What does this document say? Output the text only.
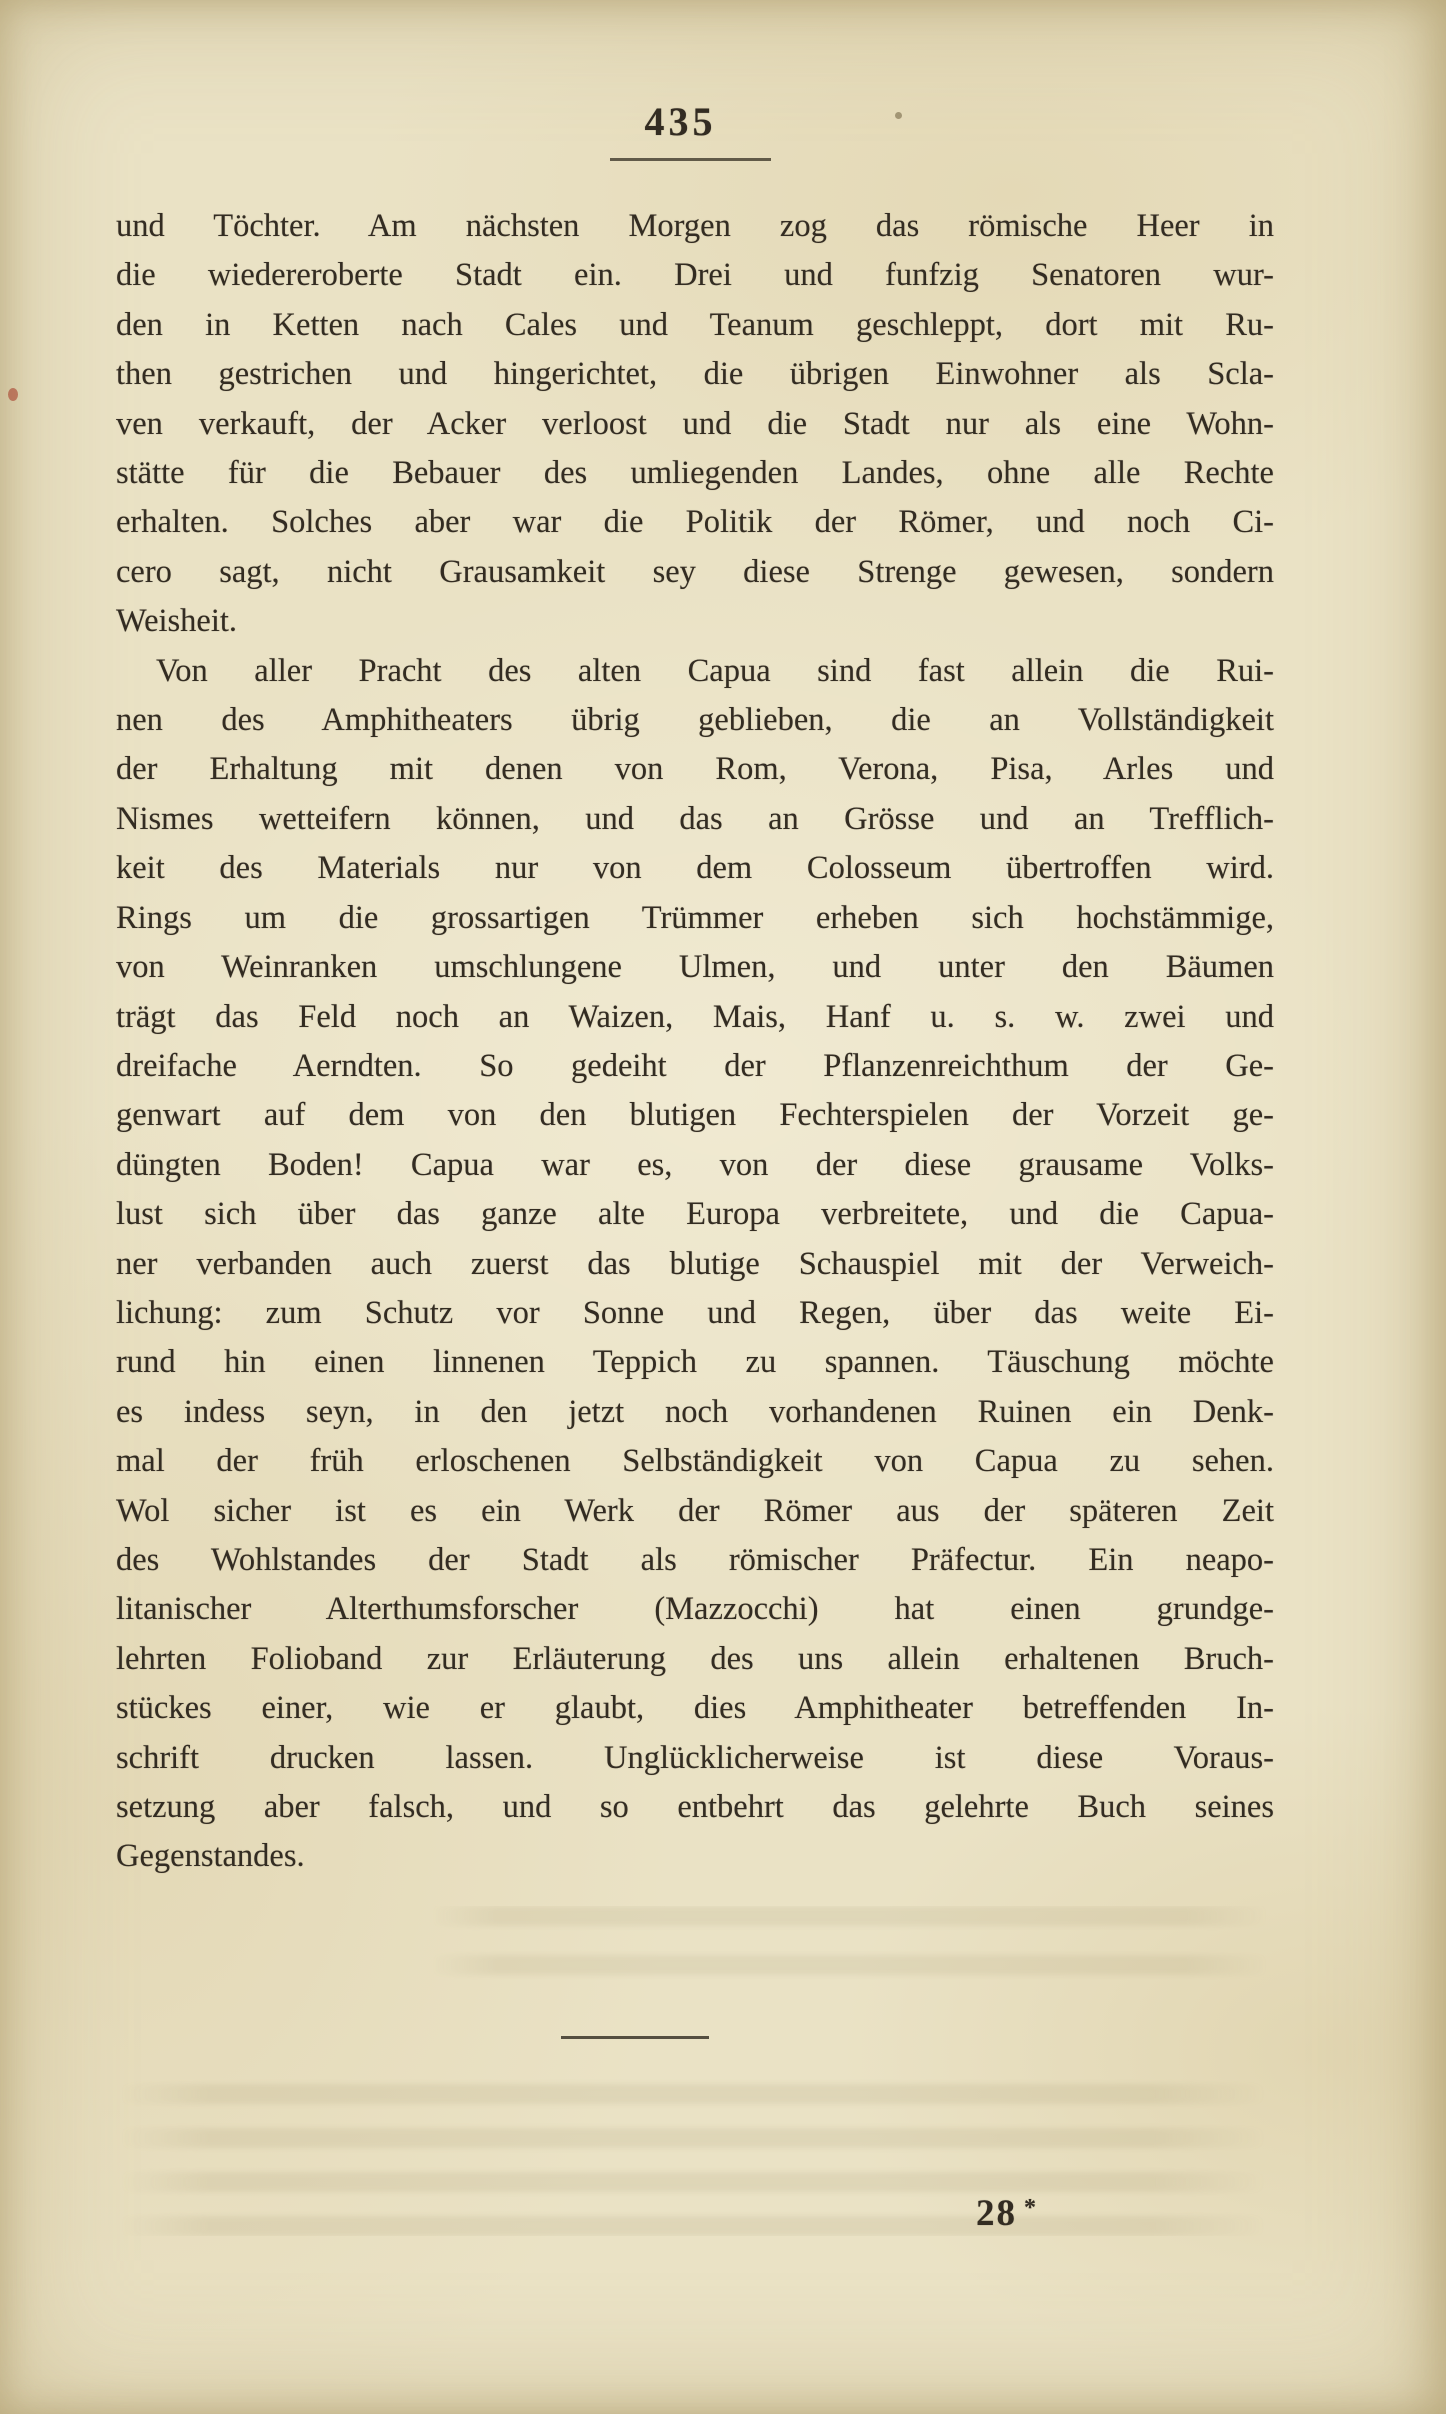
435
und Töchter. Am nächsten Morgen zog das römische Heer in
die wiedereroberte Stadt ein. Drei und funfzig Senatoren wur-
den in Ketten nach Cales und Teanum geschleppt, dort mit Ru-
then gestrichen und hingerichtet, die übrigen Einwohner als Scla-
ven verkauft, der Acker verloost und die Stadt nur als eine Wohn-
stätte für die Bebauer des umliegenden Landes, ohne alle Rechte
erhalten. Solches aber war die Politik der Römer, und noch Ci-
cero sagt, nicht Grausamkeit sey diese Strenge gewesen, sondern
Weisheit.
Von aller Pracht des alten Capua sind fast allein die Rui-
nen des Amphitheaters übrig geblieben, die an Vollständigkeit
der Erhaltung mit denen von Rom, Verona, Pisa, Arles und
Nismes wetteifern können, und das an Grösse und an Trefflich-
keit des Materials nur von dem Colosseum übertroffen wird.
Rings um die grossartigen Trümmer erheben sich hochstämmige,
von Weinranken umschlungene Ulmen, und unter den Bäumen
trägt das Feld noch an Waizen, Mais, Hanf u. s. w. zwei und
dreifache Aerndten. So gedeiht der Pflanzenreichthum der Ge-
genwart auf dem von den blutigen Fechterspielen der Vorzeit ge-
düngten Boden! Capua war es, von der diese grausame Volks-
lust sich über das ganze alte Europa verbreitete, und die Capua-
ner verbanden auch zuerst das blutige Schauspiel mit der Verweich-
lichung: zum Schutz vor Sonne und Regen, über das weite Ei-
rund hin einen linnenen Teppich zu spannen. Täuschung möchte
es indess seyn, in den jetzt noch vorhandenen Ruinen ein Denk-
mal der früh erloschenen Selbständigkeit von Capua zu sehen.
Wol sicher ist es ein Werk der Römer aus der späteren Zeit
des Wohlstandes der Stadt als römischer Präfectur. Ein neapo-
litanischer Alterthumsforscher (Mazzocchi) hat einen grundge-
lehrten Folioband zur Erläuterung des uns allein erhaltenen Bruch-
stückes einer, wie er glaubt, dies Amphitheater betreffenden In-
schrift drucken lassen. Unglücklicherweise ist diese Voraus-
setzung aber falsch, und so entbehrt das gelehrte Buch seines
Gegenstandes.
28 *
